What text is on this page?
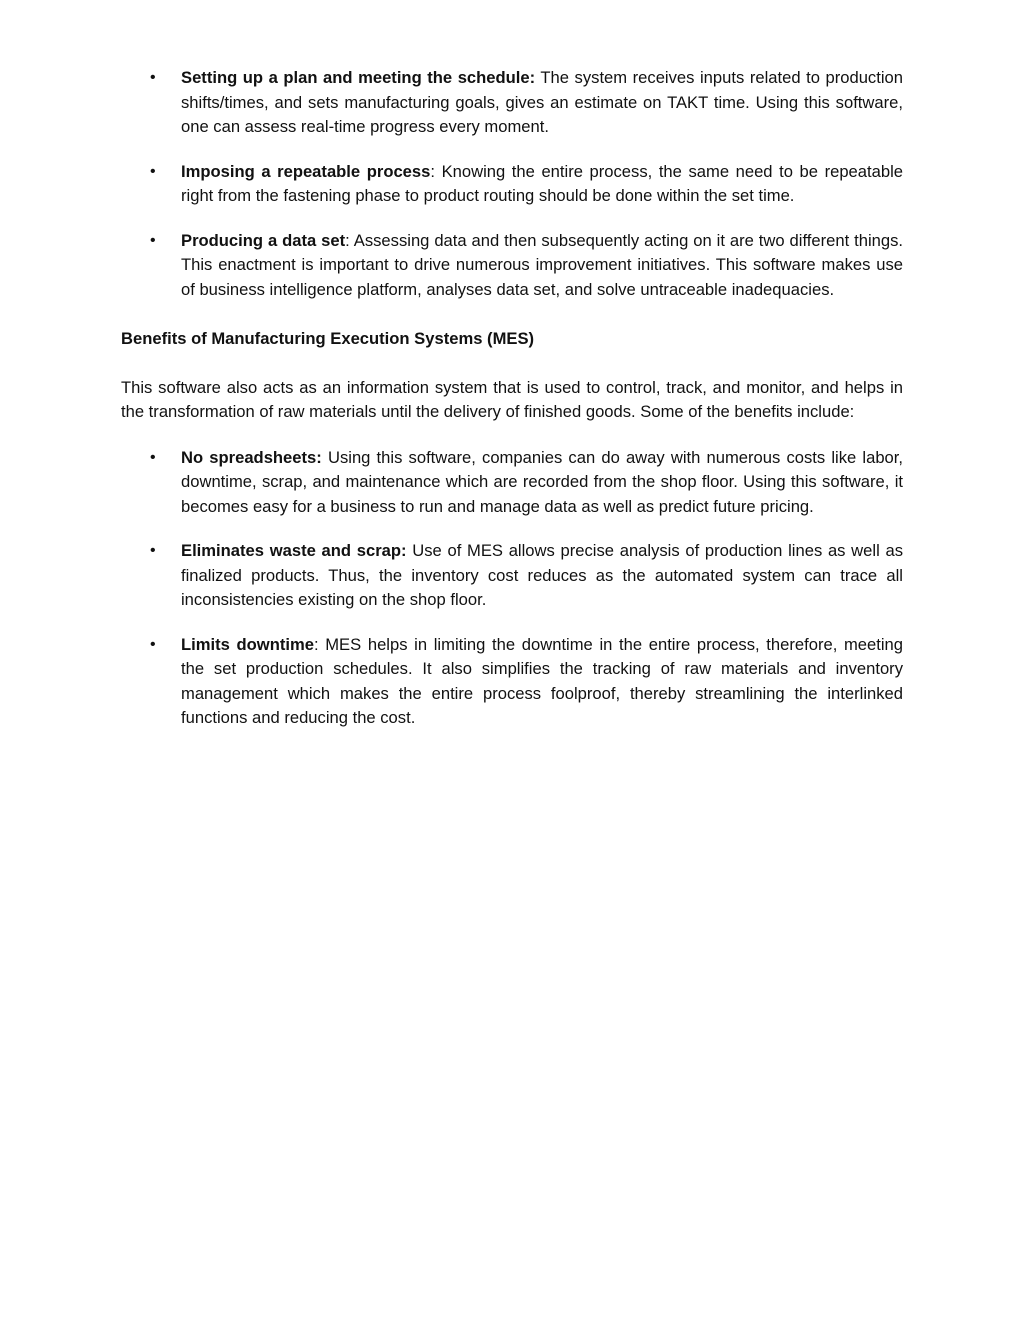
• Setting up a plan and meeting the schedule: The system receives inputs related to production shifts/times, and sets manufacturing goals, gives an estimate on TAKT time. Using this software, one can assess real-time progress every moment.
• Imposing a repeatable process: Knowing the entire process, the same need to be repeatable right from the fastening phase to product routing should be done within the set time.
• Producing a data set: Assessing data and then subsequently acting on it are two different things. This enactment is important to drive numerous improvement initiatives. This software makes use of business intelligence platform, analyses data set, and solve untraceable inadequacies.
Benefits of Manufacturing Execution Systems (MES)
This software also acts as an information system that is used to control, track, and monitor, and helps in the transformation of raw materials until the delivery of finished goods. Some of the benefits include:
• No spreadsheets: Using this software, companies can do away with numerous costs like labor, downtime, scrap, and maintenance which are recorded from the shop floor. Using this software, it becomes easy for a business to run and manage data as well as predict future pricing.
• Eliminates waste and scrap: Use of MES allows precise analysis of production lines as well as finalized products. Thus, the inventory cost reduces as the automated system can trace all inconsistencies existing on the shop floor.
• Limits downtime: MES helps in limiting the downtime in the entire process, therefore, meeting the set production schedules. It also simplifies the tracking of raw materials and inventory management which makes the entire process foolproof, thereby streamlining the interlinked functions and reducing the cost.
